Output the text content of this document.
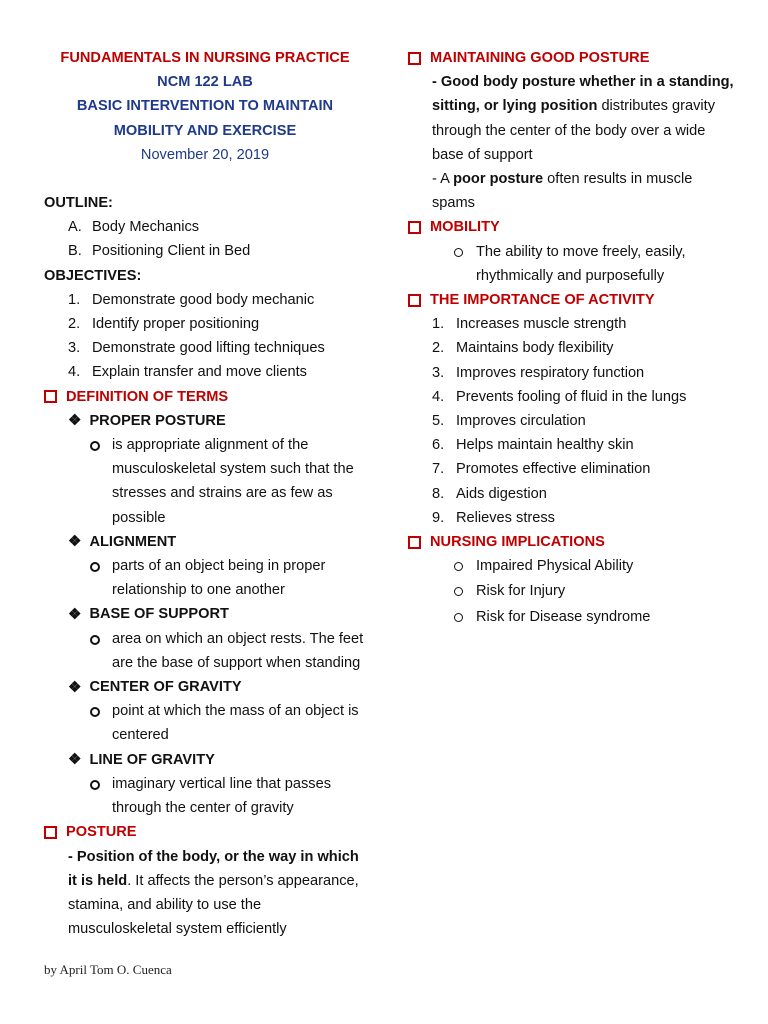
FUNDAMENTALS IN NURSING PRACTICE
NCM 122 LAB
BASIC INTERVENTION TO MAINTAIN
MOBILITY AND EXERCISE
November 20, 2019
OUTLINE:
A. Body Mechanics
B. Positioning Client in Bed
OBJECTIVES:
1. Demonstrate good body mechanic
2. Identify proper positioning
3. Demonstrate good lifting techniques
4. Explain transfer and move clients
DEFINITION OF TERMS
❖ PROPER POSTURE
is appropriate alignment of the musculoskeletal system such that the stresses and strains are as few as possible
❖ ALIGNMENT
parts of an object being in proper relationship to one another
❖ BASE OF SUPPORT
area on which an object rests. The feet are the base of support when standing
❖ CENTER OF GRAVITY
point at which the mass of an object is centered
❖ LINE OF GRAVITY
imaginary vertical line that passes through the center of gravity
POSTURE
- Position of the body, or the way in which it is held. It affects the person’s appearance, stamina, and ability to use the musculoskeletal system efficiently
MAINTAINING GOOD POSTURE
- Good body posture whether in a standing, sitting, or lying position distributes gravity through the center of the body over a wide base of support
- A poor posture often results in muscle spams
MOBILITY
The ability to move freely, easily, rhythmically and purposefully
THE IMPORTANCE OF ACTIVITY
1. Increases muscle strength
2. Maintains body flexibility
3. Improves respiratory function
4. Prevents fooling of fluid in the lungs
5. Improves circulation
6. Helps maintain healthy skin
7. Promotes effective elimination
8. Aids digestion
9. Relieves stress
NURSING IMPLICATIONS
Impaired Physical Ability
Risk for Injury
Risk for Disease syndrome
by April Tom O. Cuenca
